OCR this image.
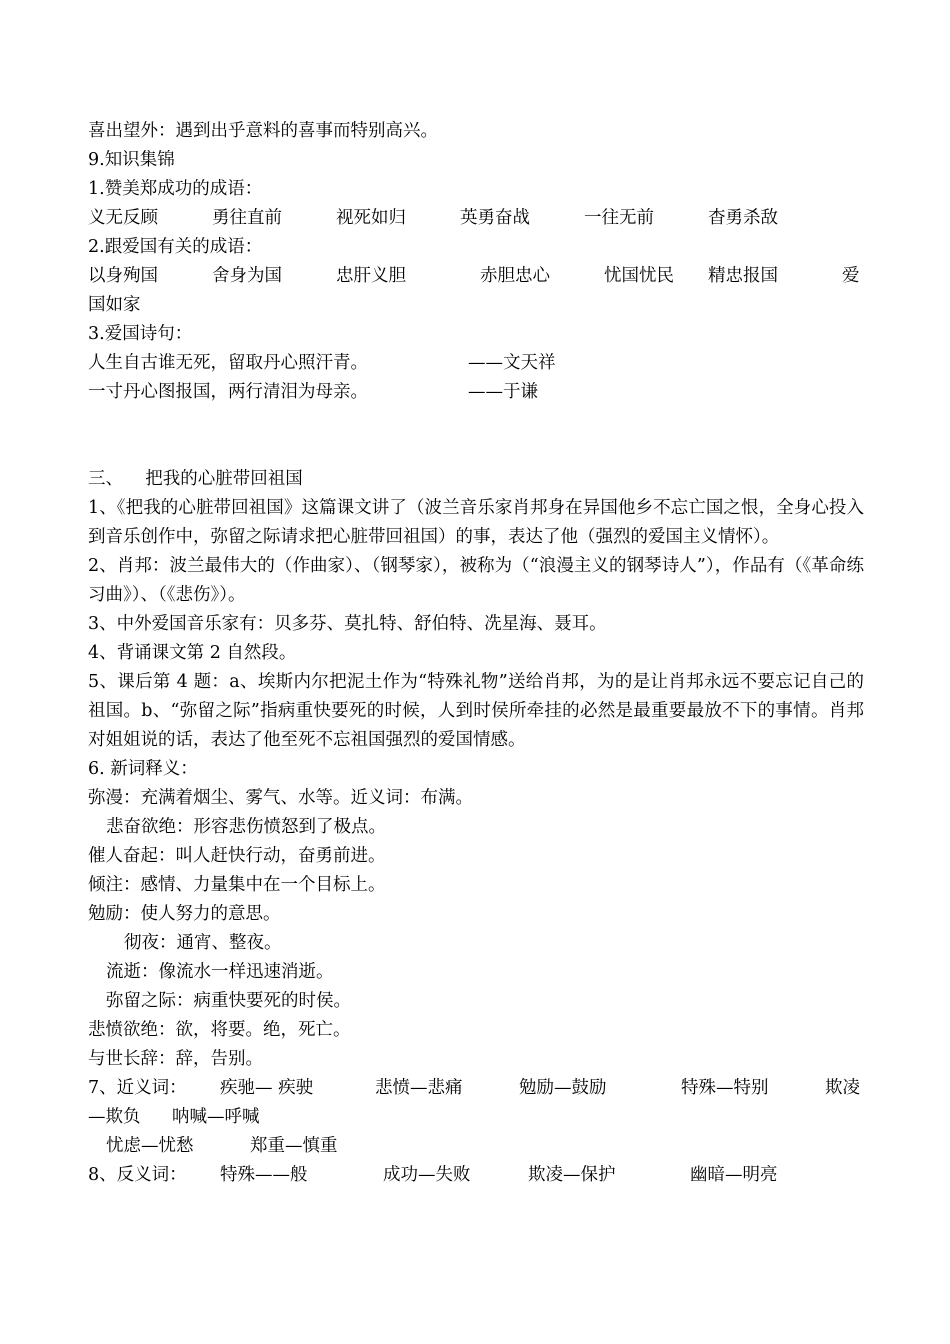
喜出望外：遇到出乎意料的喜事而特别高兴。
9.知识集锦
1.赞美郑成功的成语：
义无反顾	勇往直前	视死如归	英勇奋战	一往无前	杳勇杀敌
2.跟爱国有关的成语：
以身殉国	舍身为国	忠肝义胆	赤胆忠心	忧国忧民	精忠报国	爱
国如家
3.爱国诗句：
人生自古谁无死，留取丹心照汗青。	——文天祥
一寸丹心图报国，两行清泪为母亲。	——于谦
三、    把我的心脏带回祖国
1、《把我的心脏带回祖国》这篇课文讲了（波兰音乐家肖邦身在异国他乡不忘亡国之恨，全身心投入到音乐创作中，弥留之际请求把心脏带回祖国）的事，表达了他（强烈的爱国主义情怀）。
2、肖邦：波兰最伟大的（作曲家）、（钢琴家），被称为（“浪漫主义的钢琴诗人”），作品有（《革命练习曲》）、（《悲伤》）。
3、中外爱国音乐家有：贝多芬、莫扎特、舒伯特、冼星海、聂耳。
4、背诵课文第 2 自然段。
5、课后第 4 题：a、埃斯内尔把泥土作为“特殊礼物”送给肖邦，为的是让肖邦永远不要忘记自己的祖国。b、“弥留之际”指病重快要死的时候，人到时侯所牵挂的必然是最重要最放不下的事情。肖邦对姐姐说的话，表达了他至死不忘祖国强烈的爱国情感。
6. 新词释义：
弥漫：充满着烟尘、雾气、水等。近义词：布满。
悲奋欲绝：形容悲伤愤怒到了极点。
催人奋起：叫人赶快行动，奋勇前进。
倾注：感情、力量集中在一个目标上。
勉励：使人努力的意思。
彻夜：通宵、整夜。
流逝：像流水一样迅速消逝。
弥留之际：病重快要死的时侯。
悲愤欲绝：欲，将要。绝，死亡。
与世长辞：辞，告别。
7、近义词：	疾驰— 疾驶	悲愤—悲痛	勉励—鼓励	特殊—特别	欺凌
—欺负	呐喊—呼喊
忧虑—忧愁	郑重—慎重
8、反义词：	特殊——般	成功—失败	欺凌—保护	幽暗—明亮
